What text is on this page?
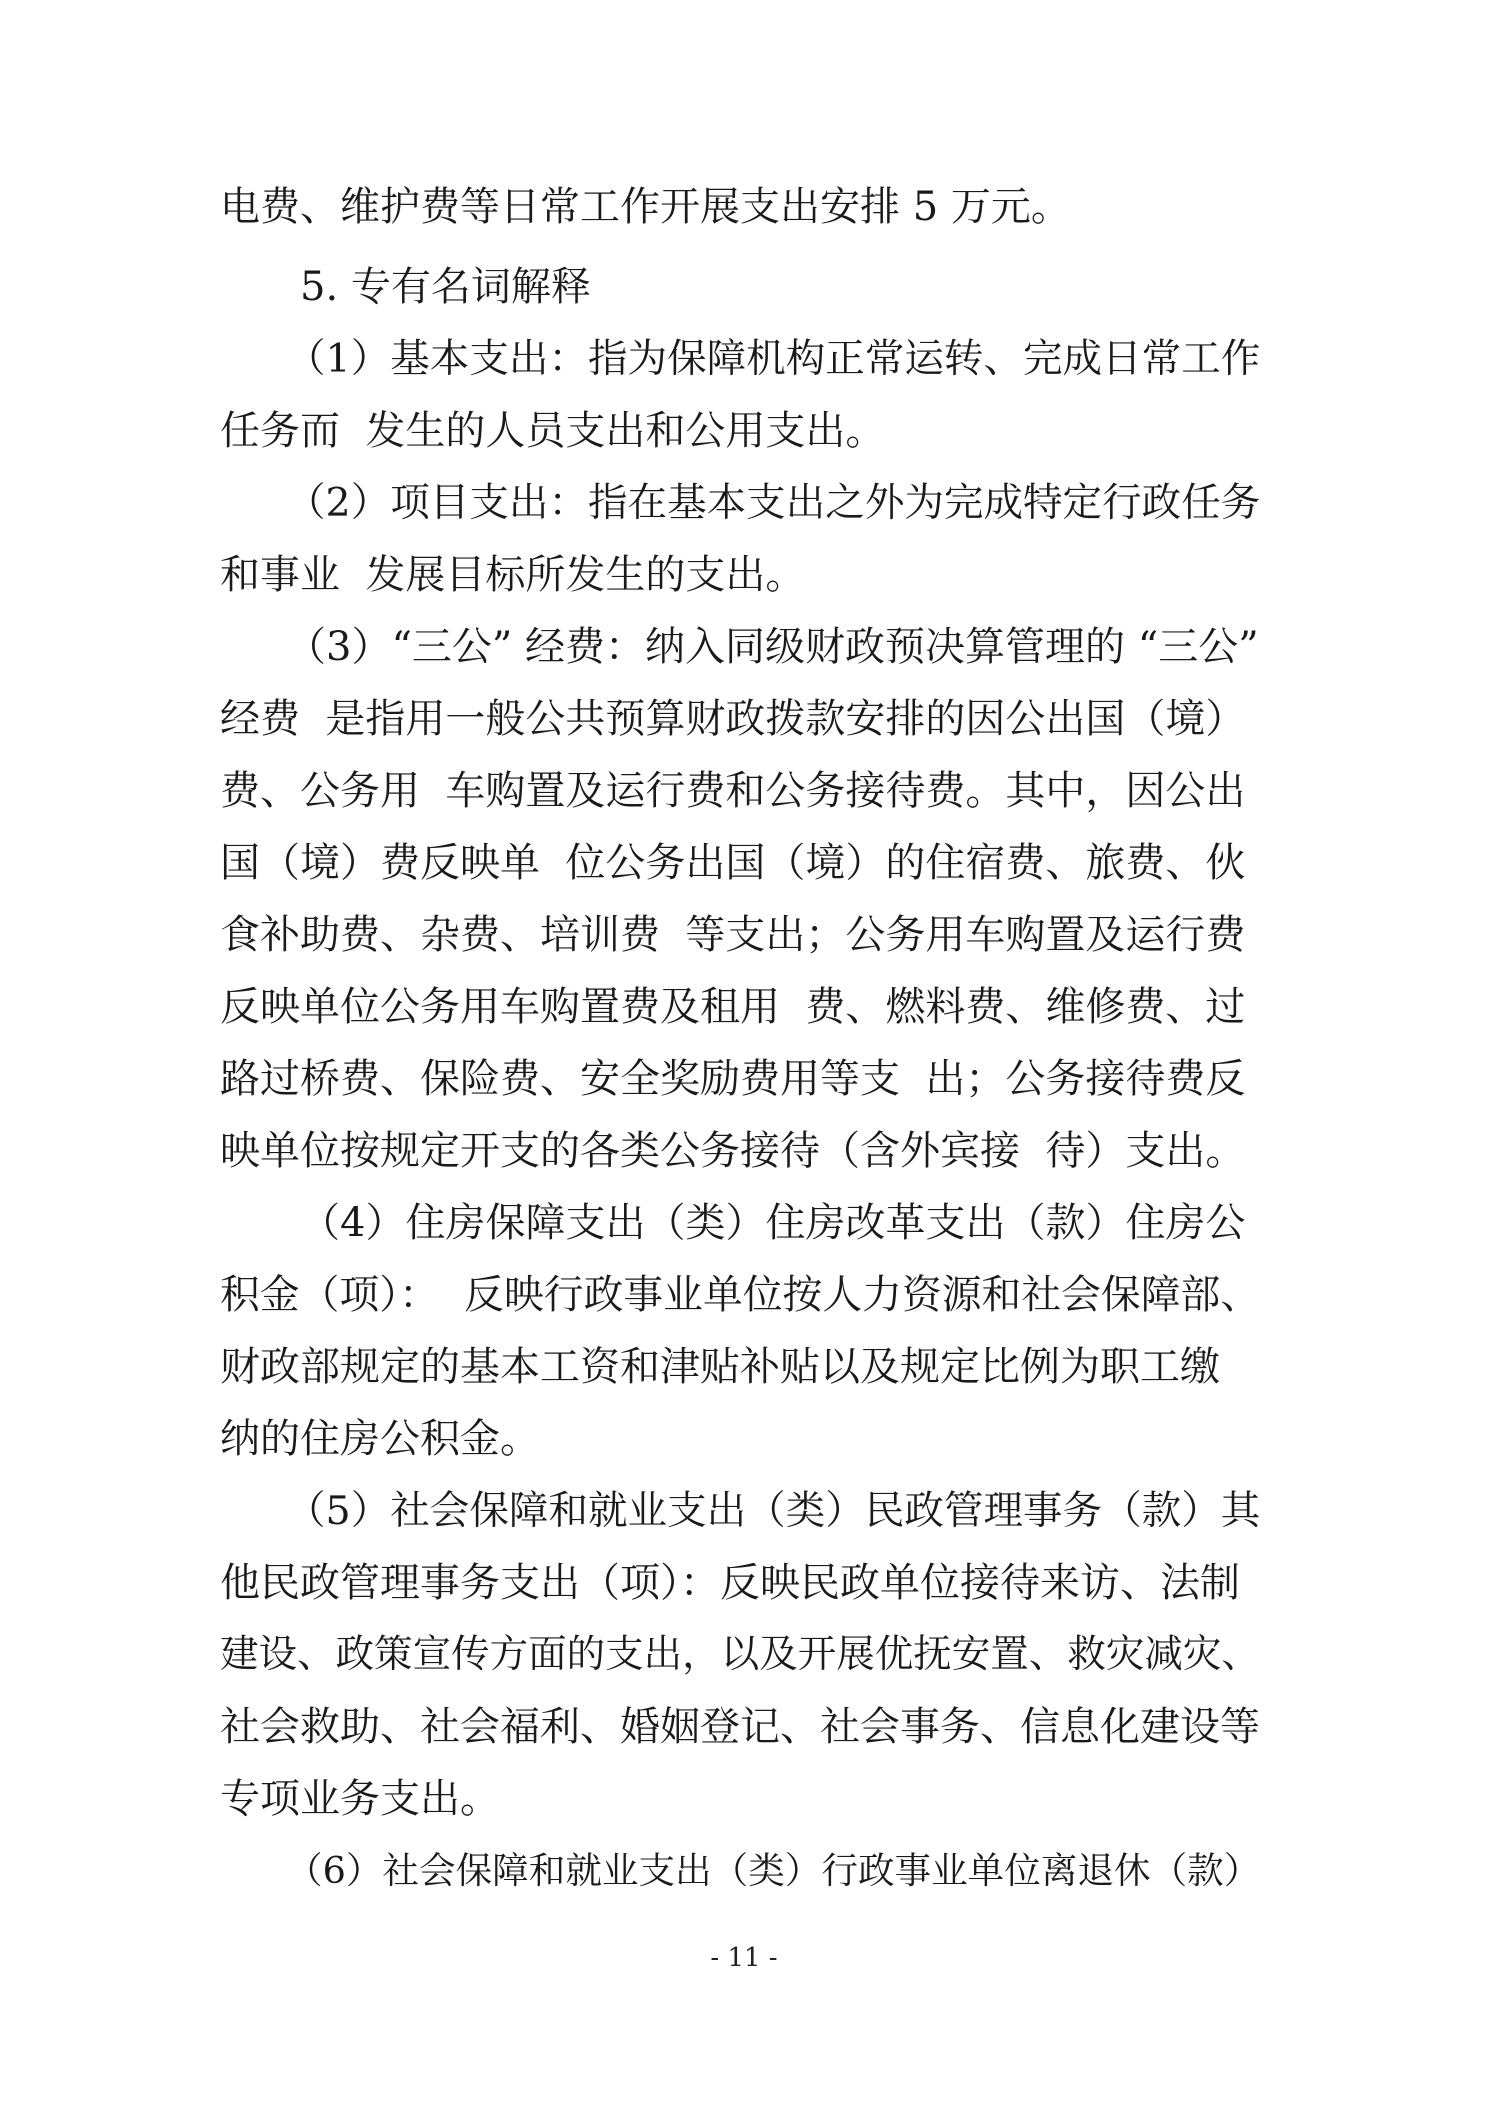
电费、维护费等日常工作开展支出安排 5 万元。
5. 专有名词解释
（1）基本支出：指为保障机构正常运转、完成日常工作
任务而  发生的人员支出和公用支出。
（2）项目支出：指在基本支出之外为完成特定行政任务
和事业  发展目标所发生的支出。
（3）“三公” 经费：纳入同级财政预决算管理的 “三公”
经费  是指用一般公共预算财政拨款安排的因公出国（境）
费、公务用  车购置及运行费和公务接待费。其中，因公出
国（境）费反映单  位公务出国（境）的住宿费、旅费、伙
食补助费、杂费、培训费  等支出；公务用车购置及运行费
反映单位公务用车购置费及租用  费、燃料费、维修费、过
路过桥费、保险费、安全奖励费用等支  出；公务接待费反
映单位按规定开支的各类公务接待（含外宾接  待）支出。
（4）住房保障支出（类）住房改革支出（款）住房公
积金（项）：  反映行政事业单位按人力资源和社会保障部、
财政部规定的基本工资和津贴补贴以及规定比例为职工缴
纳的住房公积金。
（5）社会保障和就业支出（类）民政管理事务（款）其
他民政管理事务支出（项）：反映民政单位接待来访、法制
建设、政策宣传方面的支出，以及开展优抚安置、救灾减灾、
社会救助、社会福利、婚姻登记、社会事务、信息化建设等
专项业务支出。
（6）社会保障和就业支出（类）行政事业单位离退休（款）
- 11 -
